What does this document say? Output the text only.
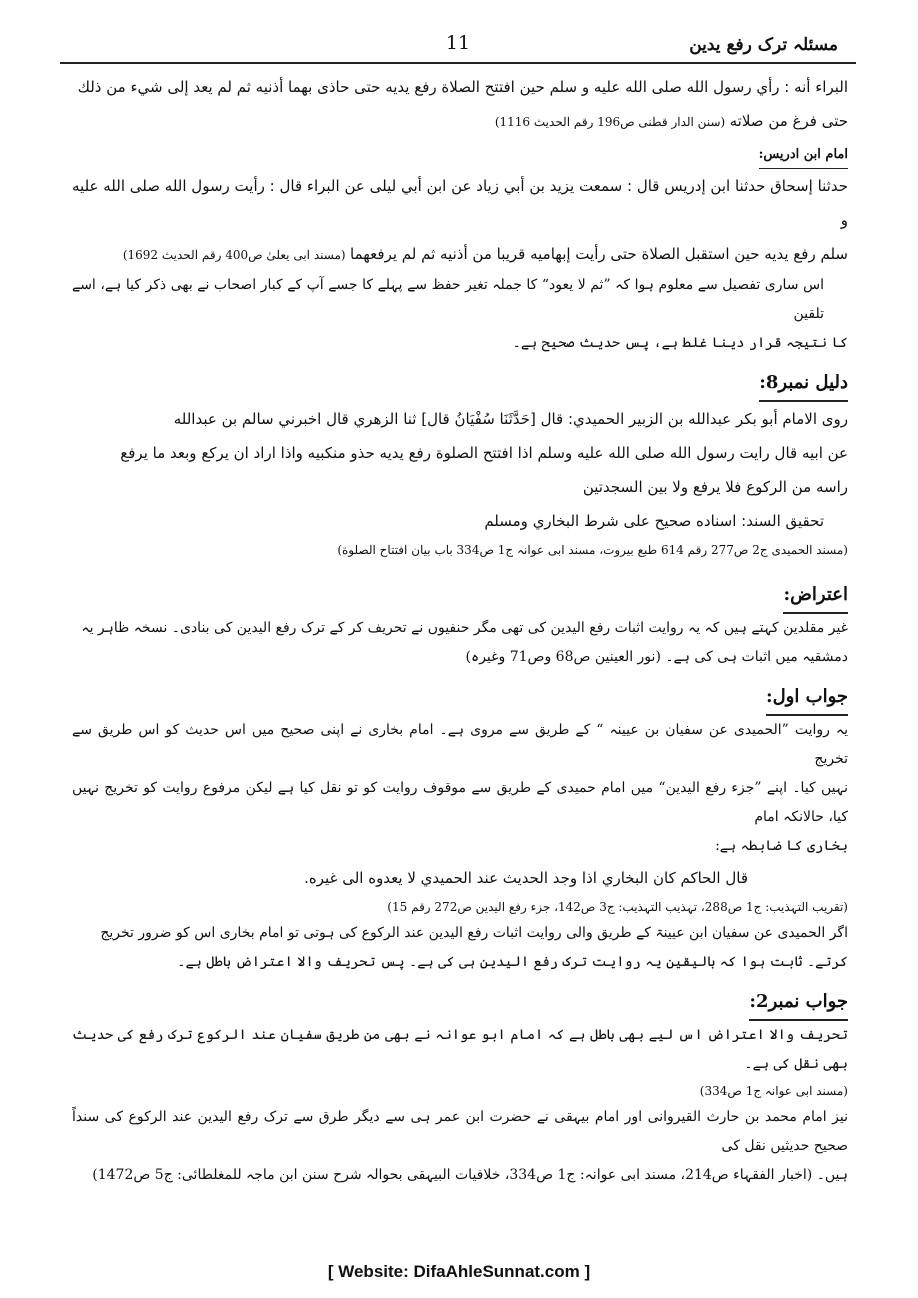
مسئلہ ترک رفع یدین
11
البراء أنه : رأي رسول الله صلى الله عليه و سلم حين افتتح الصلاة رفع يديه حتى حاذى بهما أذنيه ثم لم يعد إلى شيء من ذلك
حتى فرغ من صلاته (سنن الدار قطنی ص196 رقم الحدیث 1116)
امام ابن ادریس:
حدثنا إسحاق حدثنا ابن إدريس قال : سمعت يزيد بن أبي زياد عن ابن أبي ليلى عن البراء قال : رأيت رسول الله صلى الله عليه و
سلم رفع يديه حين استقبل الصلاة حتى رأيت إبهاميه قريبا من أذنيه ثم لم يرفعهما (مسند ابی یعلیٰ ص400 رقم الحدیث 1692)
اس ساری تفصیل سے معلوم ہوا کہ ”ثم لا یعود“ کا جملہ تغیر حفظ سے پہلے کا جسے آپ کے کبار اصحاب نے بھی ذکر کیا ہے، اسے تلقین
کا نتیجہ قرار دینا غلط ہے، پس حدیث صحیح ہے۔
دلیل نمبر8:
روى الامام أبو بكر عبدالله بن الزبير الحميدي: قال [حَدَّثَنَا سُفْيَانُ قال] ثنا الزهري قال اخبرني سالم بن عبدالله
عن ابيه قال رايت رسول الله صلى الله عليه وسلم اذا افتتح الصلوة رفع يديه حذو منكبيه واذا اراد ان يركع وبعد ما يرفع
راسه من الركوع فلا يرفع ولا بين السجدتين
تحقيق السند: اسناده صحيح على شرط البخاري ومسلم
(مسند الحمیدی ج2 ص277 رقم 614 طبع بیروت، مسند ابی عوانہ ج1 ص334 باب بیان افتتاح الصلوة)
اعتراض:
غیر مقلدین کہتے ہیں کہ یہ روایت اثبات رفع الیدین کی تھی مگر حنفیوں نے تحریف کر کے ترک رفع الیدین کی بنادی۔ نسخہ ظاہر یہ
دمشقیہ میں اثبات ہی کی ہے۔ (نور العینین ص68 وص71 وغیرہ)
جواب اول:
یہ روایت ”الحمیدی عن سفیان بن عیینہ “ کے طریق سے مروی ہے۔ امام بخاری نے اپنی صحیح میں اس حدیث کو اس طریق سے تخریج
نہیں کیا۔ اپنے ”جزء رفع الیدین“ میں امام حمیدی کے طریق سے موقوف روایت کو تو نقل کیا ہے لیکن مرفوع روایت کو تخریج نہیں کیا، حالانکہ امام
بخاری کا ضابطہ ہے:
قال الحاكم كان البخاري اذا وجد الحديث عند الحميدي لا يعدوه الى غيره.
(تقریب التہذیب: ج1 ص288، تہذیب التہذیب: ج3 ص142، جزء رفع الیدین ص272 رقم 15)
اگر الحمیدی عن سفیان ابن عیینۃ کے طریق والی روایت اثبات رفع الیدین عند الرکوع کی ہوتی تو امام بخاری اس کو ضرور تخریج
کرتے۔ ثابت ہوا کہ بالیقین یہ روایت ترک رفع الیدین ہی کی ہے۔ پس تحریف والا اعتراض باطل ہے۔
جواب نمبر2:
تحریف والا اعتراض اس لیے بھی باطل ہے کہ امام ابو عوانہ نے بھی من طریق سفیان عند الرکوع ترک رفع کی حدیث بھی نقل کی ہے۔
(مسند ابی عوانہ ج1 ص334)
نیز امام محمد بن حارث القیروانی اور امام بیہقی نے حضرت ابن عمر ہی سے دیگر طرق سے ترک رفع الیدین عند الرکوع کی سنداً صحیح حدیثیں نقل کی
ہیں۔ (اخبار الفقہاء ص214، مسند ابی عوانہ: ج1 ص334، خلافیات البیہقی بحوالہ شرح سنن ابن ماجہ للمغلطائی: ج5 ص1472)
[ Website: DifaAhleSunnat.com ]
